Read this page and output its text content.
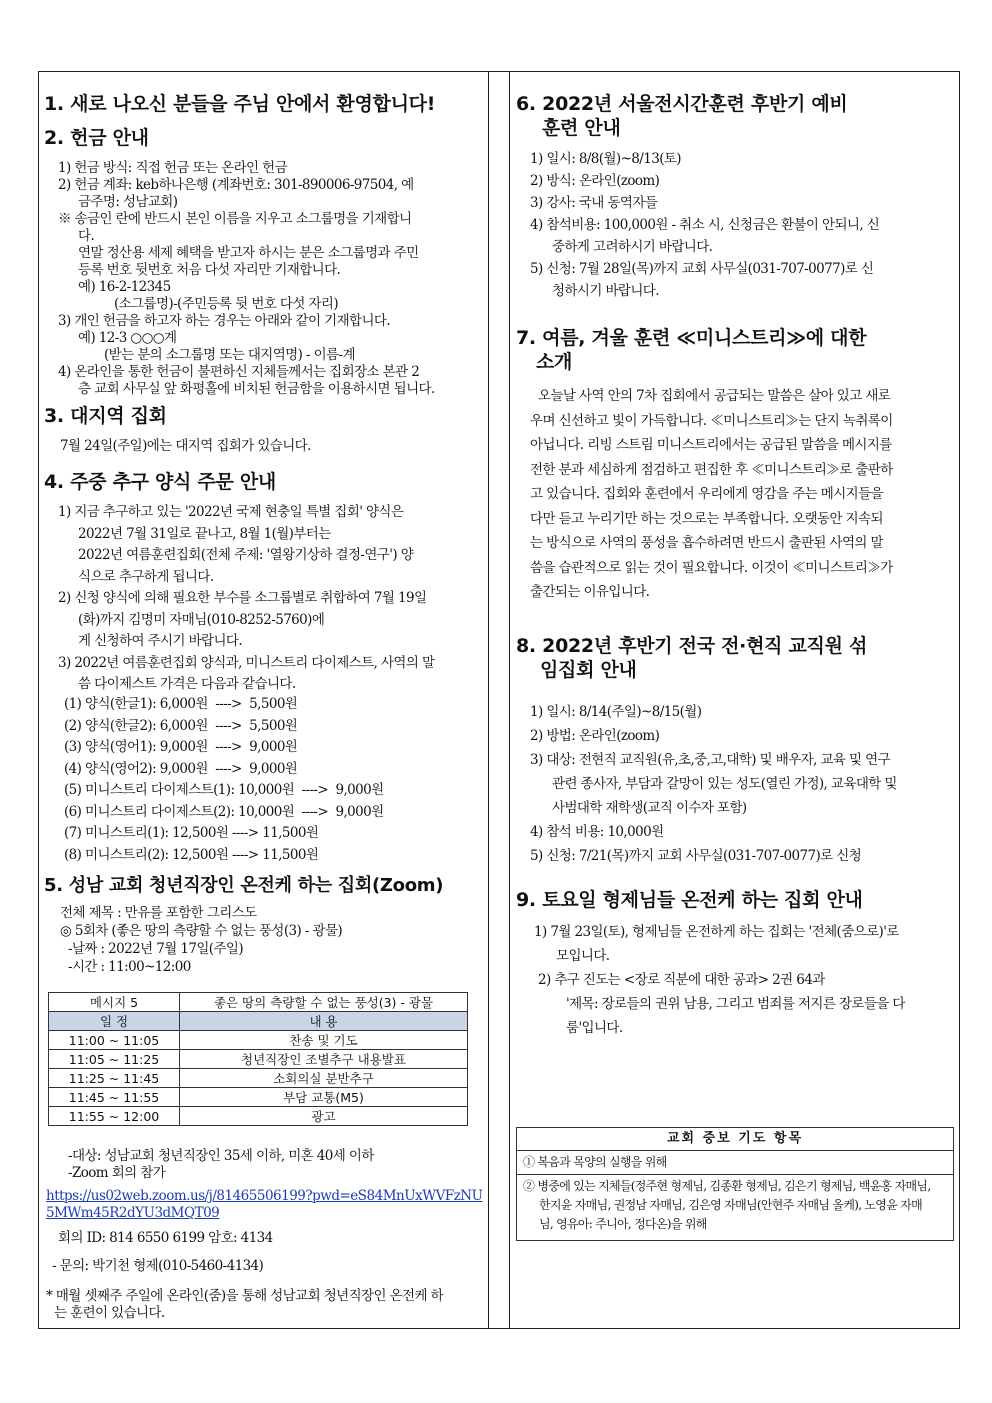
1. 새로 나오신 분들을 주님 안에서 환영합니다!
2. 헌금 안내
1) 헌금 방식: 직접 헌금 또는 온라인 헌금
2) 헌금 계좌: keb하나은행 (계좌번호: 301-890006-97504, 예
금주명: 성남교회)
※ 송금인 란에 반드시 본인 이름을 지우고 소그룹명을 기재합니
다.
연말 정산용 세제 혜택을 받고자 하시는 분은 소그룹명과 주민
등록 번호 뒷번호 처음 다섯 자리만 기재합니다.
예) 16-2-12345
(소그룹명)-(주민등록 뒷 번호 다섯 자리)
3) 개인 헌금을 하고자 하는 경우는 아래와 같이 기재합니다.
예) 12-3 ○○○계
(받는 분의 소그룹명 또는 대지역명) - 이름-계
4) 온라인을 통한 헌금이 불편하신 지체들께서는 집회장소 본관 2
층 교회 사무실 앞 화평홀에 비치된 헌금함을 이용하시면 됩니다.
3. 대지역 집회
7월 24일(주일)에는 대지역 집회가 있습니다.
4. 주중 추구 양식 주문 안내
1) 지금 추구하고 있는 '2022년 국제 현충일 특별 집회' 양식은
2022년 7월 31일로 끝나고, 8월 1(월)부터는
2022년 여름훈련집회(전체 주제: '열왕기상하 결정-연구') 양
식으로 추구하게 됩니다.
2) 신청 양식에 의해 필요한 부수를 소그룹별로 취합하여 7월 19일
(화)까지 김명미 자매님(010-8252-5760)에
게 신청하여 주시기 바랍니다.
3) 2022년 여름훈련집회 양식과, 미니스트리 다이제스트, 사역의 말
씀 다이제스트 가격은 다음과 같습니다.
(1) 양식(한글1): 6,000원  ----> 5,500원
(2) 양식(한글2): 6,000원  ----> 5,500원
(3) 양식(영어1): 9,000원  ----> 9,000원
(4) 양식(영어2): 9,000원  ----> 9,000원
(5) 미니스트리 다이제스트(1): 10,000원  ----> 9,000원
(6) 미니스트리 다이제스트(2): 10,000원  ----> 9,000원
(7) 미니스트리(1): 12,500원 ----> 11,500원
(8) 미니스트리(2): 12,500원 ----> 11,500원
5. 성남 교회 청년직장인 온전케 하는 집회(Zoom)
전체 제목 : 만유를 포함한 그리스도
◎ 5회차 (좋은 땅의 측량할 수 없는 풍성(3) - 광물)
-날짜 : 2022년 7월 17일(주일)
-시간 : 11:00~12:00
메시지 5	좋은 땅의 측량할 수 없는 풍성(3) - 광물
일 정	내 용
11:00 ~ 11:05	찬송 및 기도
11:05 ~ 11:25	청년직장인 조별추구 내용발표
11:25 ~ 11:45	소회의실 분반추구
11:45 ~ 11:55	부담 교통(M5)
11:55 ~ 12:00	광고
-대상: 성남교회 청년직장인 35세 이하, 미혼 40세 이하
-Zoom 회의 참가
https://us02web.zoom.us/j/81465506199?pwd=eS84MnUxWVFzNU5MWm45R2dYU3dMQT09
회의 ID: 814 6550 6199 암호: 4134
- 문의: 박기천 형제(010-5460-4134)
* 매월 셋째주 주일에 온라인(줌)을 통해 성남교회 청년직장인 온전케 하
는 훈련이 있습니다.
6. 2022년 서울전시간훈련 후반기 예비
훈련 안내
1) 일시: 8/8(월)~8/13(토)
2) 방식: 온라인(zoom)
3) 강사: 국내 동역자들
4) 참석비용: 100,000원 - 취소 시, 신청금은 환불이 안되니, 신
중하게 고려하시기 바랍니다.
5) 신청: 7월 28일(목)까지 교회 사무실(031-707-0077)로 신
청하시기 바랍니다.
7. 여름, 겨울 훈련 ≪미니스트리≫에 대한
소개
오늘날 사역 안의 7차 집회에서 공급되는 말씀은 살아 있고 새로
우며 신선하고 빛이 가득합니다. ≪미니스트리≫는 단지 녹취록이
아닙니다. 리빙 스트림 미니스트리에서는 공급된 말씀을 메시지를
전한 분과 세심하게 점검하고 편집한 후 ≪미니스트리≫로 출판하
고 있습니다. 집회와 훈련에서 우리에게 영감을 주는 메시지들을
다만 듣고 누리기만 하는 것으로는 부족합니다. 오랫동안 지속되
는 방식으로 사역의 풍성을 흡수하려면 반드시 출판된 사역의 말
씀을 습관적으로 읽는 것이 필요합니다. 이것이 ≪미니스트리≫가
출간되는 이유입니다.
8. 2022년 후반기 전국 전·현직 교직원 섞
임집회 안내
1) 일시: 8/14(주일)~8/15(월)
2) 방법: 온라인(zoom)
3) 대상: 전현직 교직원(유,초,중,고,대학) 및 배우자, 교육 및 연구
관련 종사자, 부담과 갈망이 있는 성도(열린 가정), 교육대학 및
사범대학 재학생(교직 이수자 포함)
4) 참석 비용: 10,000원
5) 신청: 7/21(목)까지 교회 사무실(031-707-0077)로 신청
9. 토요일 형제님들 온전케 하는 집회 안내
1) 7월 23일(토), 형제님들 온전하게 하는 집회는 '전체(줌으로)'로
모입니다.
2) 추구 진도는 <장로 직분에 대한 공과> 2권 64과
'제목: 장로들의 권위 남용, 그리고 범죄를 저지른 장로들을 다
룸'입니다.
교회 중보 기도 항목
① 복음과 목양의 실행을 위해
② 병중에 있는 지체들(정주현 형제님, 김종환 형제님, 김은기 형제님, 백윤홍 자매님,
한지윤 자매님, 권정남 자매님, 김은영 자매님(안현주 자매님 올케), 노영윤 자매
님, 영유아: 주니아, 정다온)을 위해
